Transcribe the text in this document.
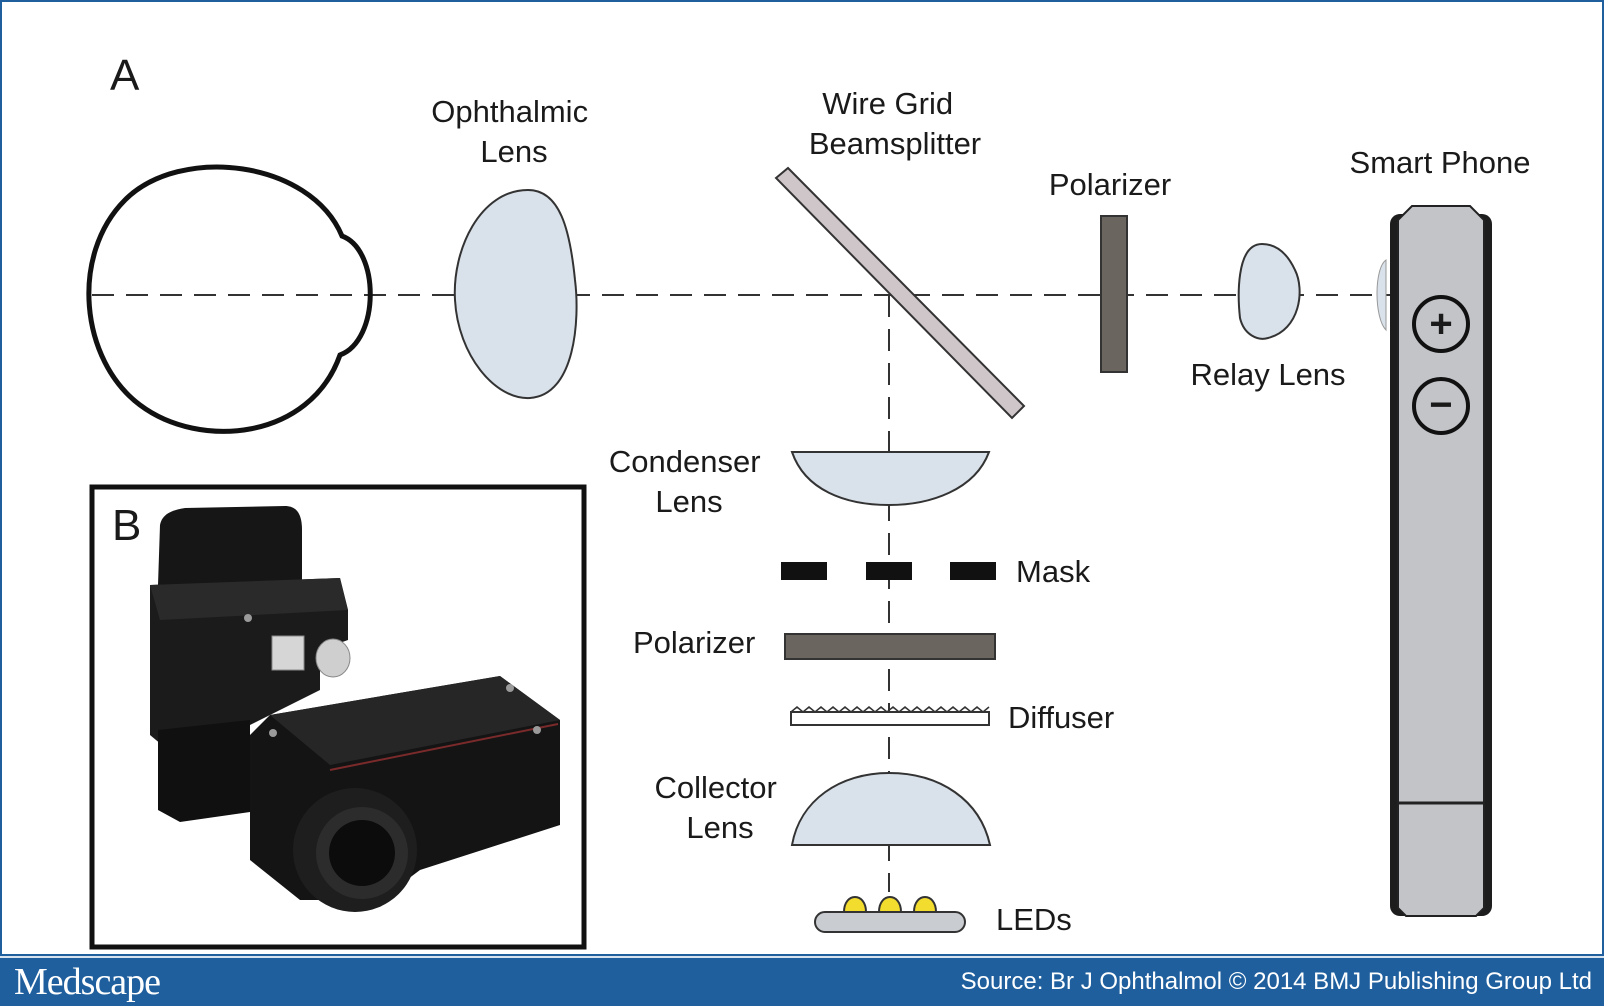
A
Ophthalmic Lens
Wire Grid Beamsplitter
Polarizer
Relay Lens
Smart Phone
+
−
Condenser Lens
Mask
Polarizer
Diffuser
Collector Lens
LEDs
B
Medscape	Source: Br J Ophthalmol © 2014 BMJ Publishing Group Ltd
